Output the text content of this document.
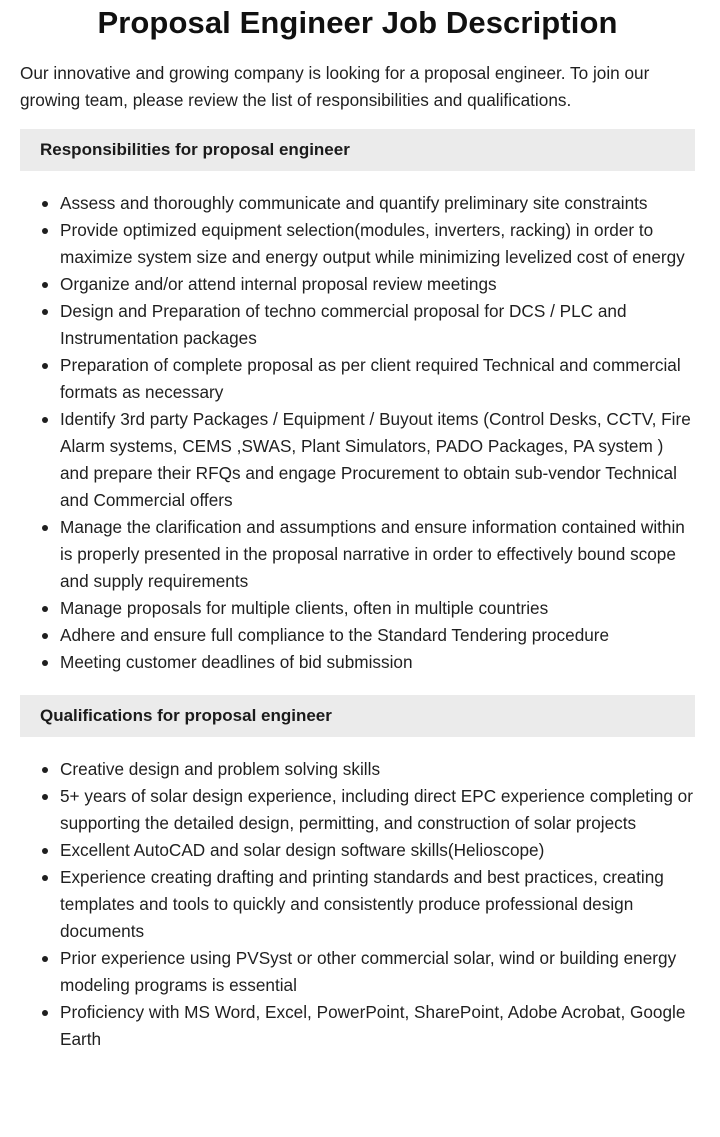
Proposal Engineer Job Description

Our innovative and growing company is looking for a proposal engineer. To join our growing team, please review the list of responsibilities and qualifications.

Responsibilities for proposal engineer
Assess and thoroughly communicate and quantify preliminary site constraints
Provide optimized equipment selection(modules, inverters, racking) in order to maximize system size and energy output while minimizing levelized cost of energy
Organize and/or attend internal proposal review meetings
Design and Preparation of techno commercial proposal for DCS / PLC and Instrumentation packages
Preparation of complete proposal as per client required Technical and commercial formats as necessary
Identify 3rd party Packages / Equipment / Buyout items (Control Desks, CCTV, Fire Alarm systems, CEMS ,SWAS, Plant Simulators, PADO Packages, PA system ) and prepare their RFQs and engage Procurement to obtain sub-vendor Technical and Commercial offers
Manage the clarification and assumptions and ensure information contained within is properly presented in the proposal narrative in order to effectively bound scope and supply requirements
Manage proposals for multiple clients, often in multiple countries
Adhere and ensure full compliance to the Standard Tendering procedure
Meeting customer deadlines of bid submission
Qualifications for proposal engineer
Creative design and problem solving skills
5+ years of solar design experience, including direct EPC experience completing or supporting the detailed design, permitting, and construction of solar projects
Excellent AutoCAD and solar design software skills(Helioscope)
Experience creating drafting and printing standards and best practices, creating templates and tools to quickly and consistently produce professional design documents
Prior experience using PVSyst or other commercial solar, wind or building energy modeling programs is essential
Proficiency with MS Word, Excel, PowerPoint, SharePoint, Adobe Acrobat, Google Earth
